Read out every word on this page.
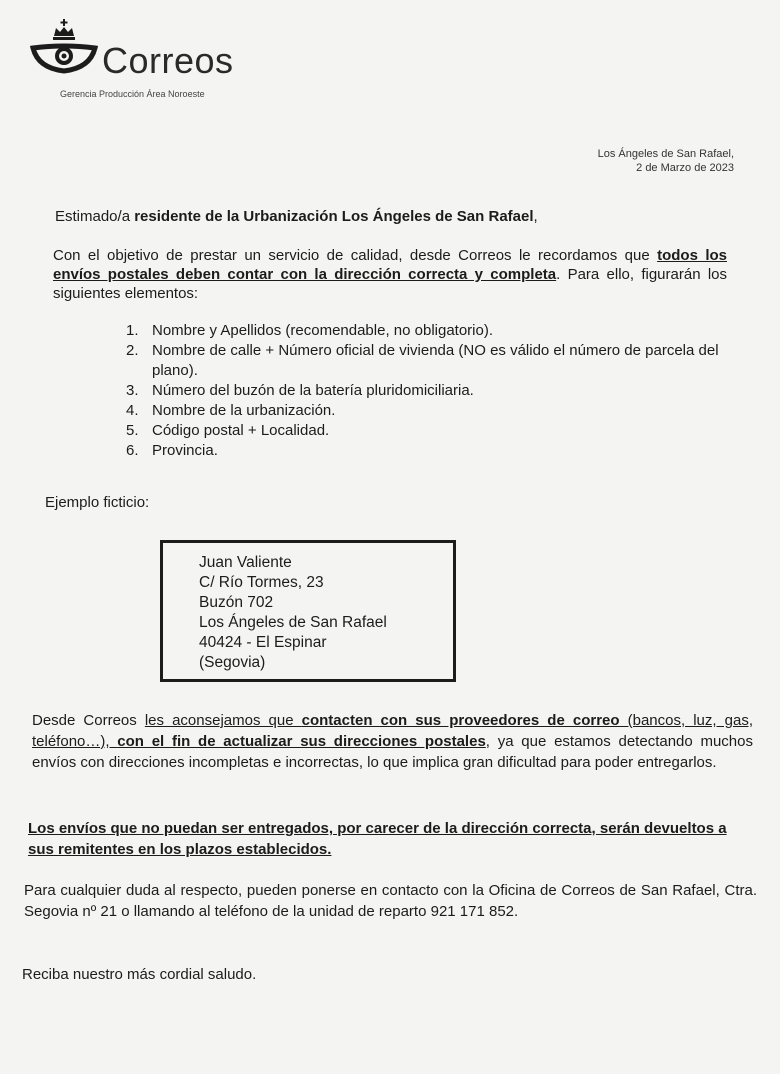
Correos
Gerencia Producción Área Noroeste
Los Ángeles de San Rafael,
2 de Marzo de 2023
Estimado/a residente de la Urbanización Los Ángeles de San Rafael,
Con el objetivo de prestar un servicio de calidad, desde Correos le recordamos que todos los envíos postales deben contar con la dirección correcta y completa. Para ello, figurarán los siguientes elementos:
1. Nombre y Apellidos (recomendable, no obligatorio).
2. Nombre de calle + Número oficial de vivienda (NO es válido el número de parcela del plano).
3. Número del buzón de la batería pluridomiciliaria.
4. Nombre de la urbanización.
5. Código postal + Localidad.
6. Provincia.
Ejemplo ficticio:
Juan Valiente
C/ Río Tormes, 23
Buzón 702
Los Ángeles de San Rafael
40424 - El Espinar
(Segovia)
Desde Correos les aconsejamos que contacten con sus proveedores de correo (bancos, luz, gas, teléfono…), con el fin de actualizar sus direcciones postales, ya que estamos detectando muchos envíos con direcciones incompletas e incorrectas, lo que implica gran dificultad para poder entregarlos.
Los envíos que no puedan ser entregados, por carecer de la dirección correcta, serán devueltos a sus remitentes en los plazos establecidos.
Para cualquier duda al respecto, pueden ponerse en contacto con la Oficina de Correos de San Rafael, Ctra. Segovia nº 21 o llamando al teléfono de la unidad de reparto 921 171 852.
Reciba nuestro más cordial saludo.
